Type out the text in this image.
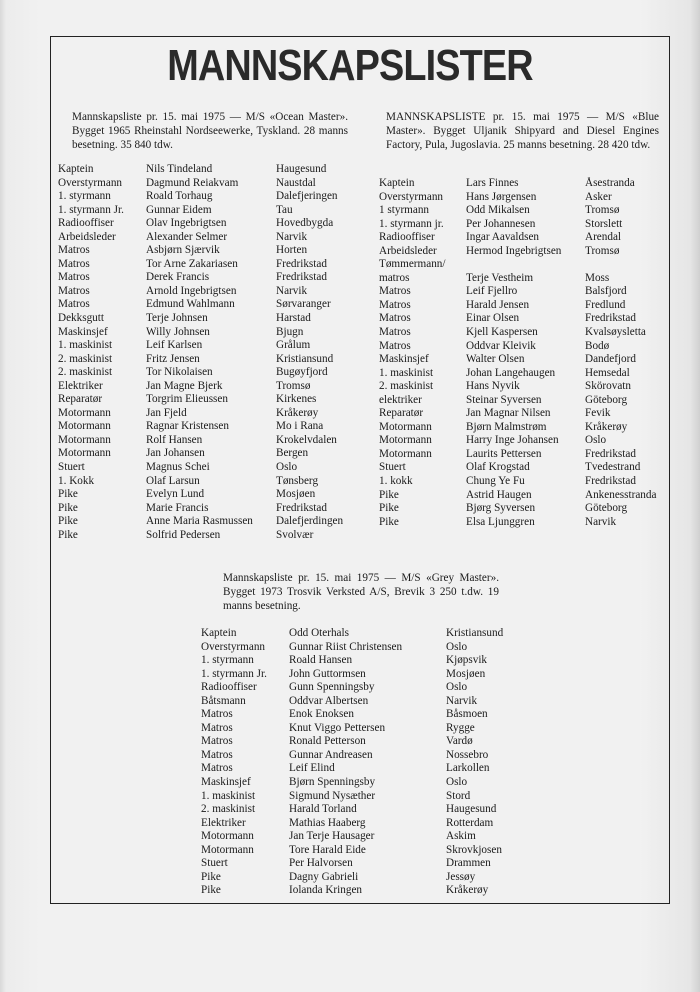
MANNSKAPSLISTER
Mannskapsliste pr. 15. mai 1975 — M/S «Ocean Master». Bygget 1965 Rheinstahl Nordseewerke, Tyskland. 28 manns besetning. 35 840 tdw.
Kaptein	Nils Tindeland	Haugesund
Overstyrmann	Dagmund Reiakvam	Naustdal
1. styrmann	Roald Torhaug	Dalefjeringen
1. styrmann Jr.	Gunnar Eidem	Tau
Radiooffiser	Olav Ingebrigtsen	Hovedbygda
Arbeidsleder	Alexander Selmer	Narvik
Matros	Asbjørn Sjærvik	Horten
Matros	Tor Arne Zakariasen	Fredrikstad
Matros	Derek Francis	Fredrikstad
Matros	Arnold Ingebrigtsen	Narvik
Matros	Edmund Wahlmann	Sørvaranger
Dekksgutt	Terje Johnsen	Harstad
Maskinsjef	Willy Johnsen	Bjugn
1. maskinist	Leif Karlsen	Grålum
2. maskinist	Fritz Jensen	Kristiansund
2. maskinist	Tor Nikolaisen	Bugøyfjord
Elektriker	Jan Magne Bjerk	Tromsø
Reparatør	Torgrim Elieussen	Kirkenes
Motormann	Jan Fjeld	Kråkerøy
Motormann	Ragnar Kristensen	Mo i Rana
Motormann	Rolf Hansen	Krokelvdalen
Motormann	Jan Johansen	Bergen
Stuert	Magnus Schei	Oslo
1. Kokk	Olaf Larsun	Tønsberg
Pike	Evelyn Lund	Mosjøen
Pike	Marie Francis	Fredrikstad
Pike	Anne Maria Rasmussen	Dalefjerdingen
Pike	Solfrid Pedersen	Svolvær
MANNSKAPSLISTE pr. 15. mai 1975 — M/S «Blue Master». Bygget Uljanik Shipyard and Diesel Engines Factory, Pula, Jugoslavia. 25 manns besetning. 28 420 tdw.
Kaptein	Lars Finnes	Åsestranda
Overstyrmann	Hans Jørgensen	Asker
1 styrmann	Odd Mikalsen	Tromsø
1. styrmann jr.	Per Johannesen	Storslett
Radiooffiser	Ingar Aavaldsen	Arendal
Arbeidsleder	Hermod Ingebrigtsen	Tromsø
Tømmermann/
matros	Terje Vestheim	Moss
Matros	Leif Fjellro	Balsfjord
Matros	Harald Jensen	Fredlund
Matros	Einar Olsen	Fredrikstad
Matros	Kjell Kaspersen	Kvalsøysletta
Matros	Oddvar Kleivik	Bodø
Maskinsjef	Walter Olsen	Dandefjord
1. maskinist	Johan Langehaugen	Hemsedal
2. maskinist	Hans Nyvik	Skörovatn
elektriker	Steinar Syversen	Göteborg
Reparatør	Jan Magnar Nilsen	Fevik
Motormann	Bjørn Malmstrøm	Kråkerøy
Motormann	Harry Inge Johansen	Oslo
Motormann	Laurits Pettersen	Fredrikstad
Stuert	Olaf Krogstad	Tvedestrand
1. kokk	Chung Ye Fu	Fredrikstad
Pike	Astrid Haugen	Ankenesstranda
Pike	Bjørg Syversen	Göteborg
Pike	Elsa Ljunggren	Narvik
Mannskapsliste pr. 15. mai 1975 — M/S «Grey Master». Bygget 1973 Trosvik Verksted A/S, Brevik 3 250 t.dw. 19 manns besetning.
Kaptein	Odd Oterhals	Kristiansund
Overstyrmann	Gunnar Riist Christensen	Oslo
1. styrmann	Roald Hansen	Kjøpsvik
1. styrmann Jr.	John Guttormsen	Mosjøen
Radiooffiser	Gunn Spenningsby	Oslo
Båtsmann	Oddvar Albertsen	Narvik
Matros	Enok Enoksen	Båsmoen
Matros	Knut Viggo Pettersen	Rygge
Matros	Ronald Petterson	Vardø
Matros	Gunnar Andreasen	Nossebro
Matros	Leif Elind	Larkollen
Maskinsjef	Bjørn Spenningsby	Oslo
1. maskinist	Sigmund Nysæther	Stord
2. maskinist	Harald Torland	Haugesund
Elektriker	Mathias Haaberg	Rotterdam
Motormann	Jan Terje Hausager	Askim
Motormann	Tore Harald Eide	Skrovkjosen
Stuert	Per Halvorsen	Drammen
Pike	Dagny Gabrieli	Jessøy
Pike	Iolanda Kringen	Kråkerøy
